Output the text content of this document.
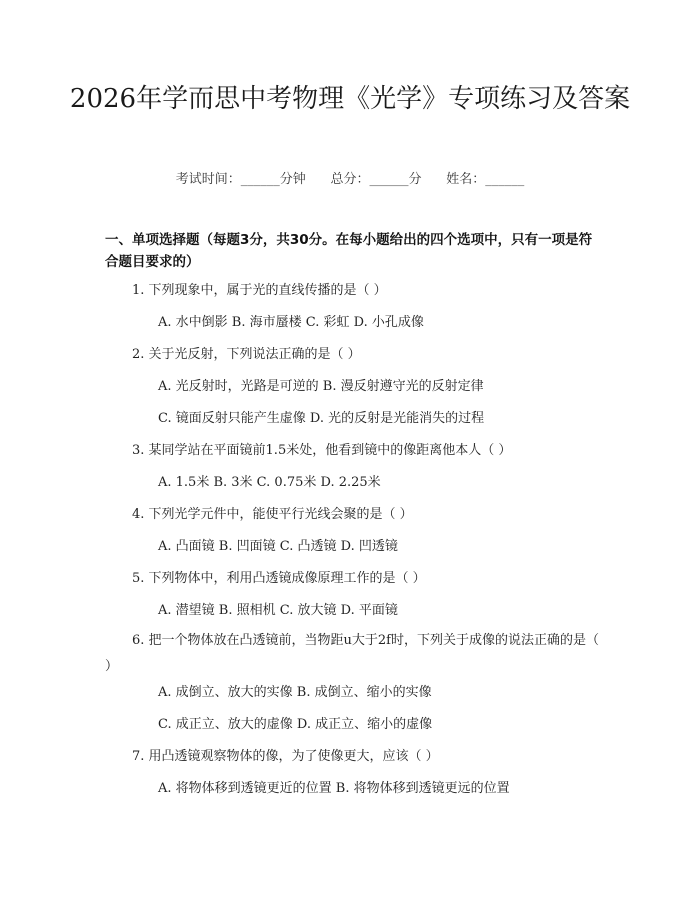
2026年学而思中考物理《光学》专项练习及答案
考试时间：______分钟      总分：______分      姓名：______
一、单项选择题（每题3分，共30分。在每小题给出的四个选项中，只有一项是符合题目要求的）
1. 下列现象中，属于光的直线传播的是（ ）
A. 水中倒影 B. 海市蜃楼 C. 彩虹 D. 小孔成像
2. 关于光反射，下列说法正确的是（ ）
A. 光反射时，光路是可逆的 B. 漫反射遵守光的反射定律
C. 镜面反射只能产生虚像 D. 光的反射是光能消失的过程
3. 某同学站在平面镜前1.5米处，他看到镜中的像距离他本人（ ）
A. 1.5米 B. 3米 C. 0.75米 D. 2.25米
4. 下列光学元件中，能使平行光线会聚的是（ ）
A. 凸面镜 B. 凹面镜 C. 凸透镜 D. 凹透镜
5. 下列物体中，利用凸透镜成像原理工作的是（ ）
A. 潜望镜 B. 照相机 C. 放大镜 D. 平面镜
6. 把一个物体放在凸透镜前，当物距u大于2f时，下列关于成像的说法正确的是（ ）
A. 成倒立、放大的实像 B. 成倒立、缩小的实像
C. 成正立、放大的虚像 D. 成正立、缩小的虚像
7. 用凸透镜观察物体的像，为了使像更大，应该（ ）
A. 将物体移到透镜更近的位置 B. 将物体移到透镜更远的位置
